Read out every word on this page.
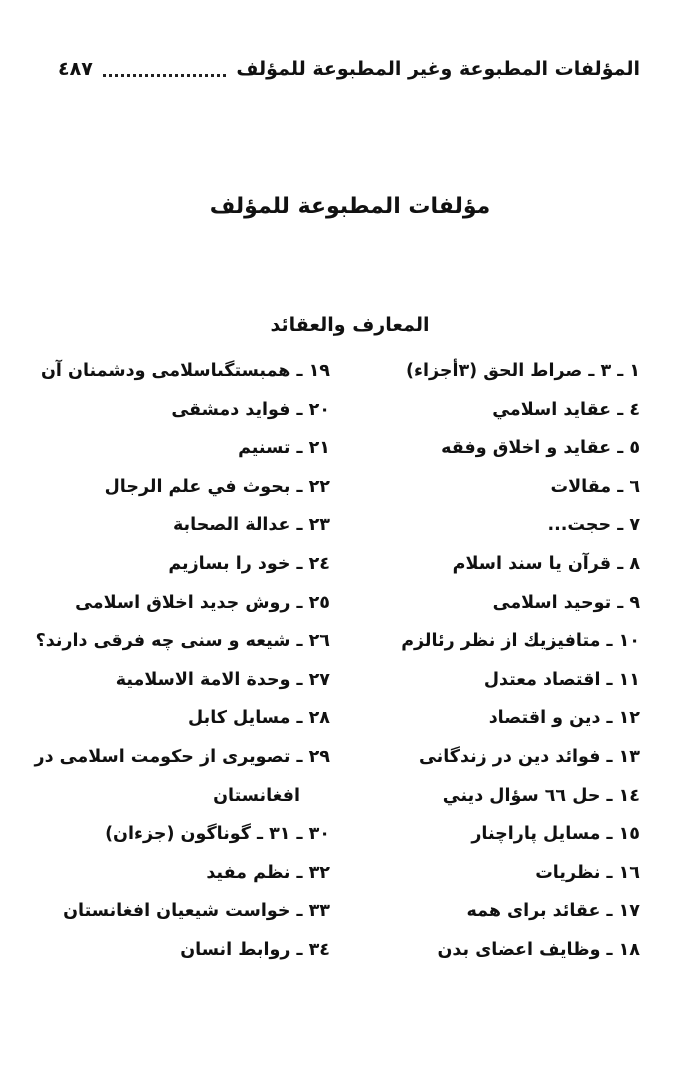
المؤلفات المطبوعة وغير المطبوعة للمؤلف
٤٨٧
مؤلفات المطبوعة للمؤلف
المعارف والعقائد
١ ـ ٣ ـ صراط الحق (٣أجزاء)
٤ ـ عقايد اسلامي
٥ ـ عقايد و اخلاق وفقه
٦ ـ مقالات
٧ ـ حجت...
٨ ـ قرآن يا سند اسلام
٩ ـ توحيد اسلامى
١٠ ـ متافيزيك از نظر رئالزم
١١ ـ اقتصاد معتدل
١٢ ـ دين و اقتصاد
١٣ ـ فوائد دين در زندگانى
١٤ ـ حل ٦٦ سؤال ديني
١٥ ـ مسايل پاراچنار
١٦ ـ نظريات
١٧ ـ عقائد براى همه
١٨ ـ وظايف اعضاى بدن
١٩ ـ همبستگىاسلامى ودشمنان آن
٢٠ ـ فوايد دمشقى
٢١ ـ تسنيم
٢٢ ـ بحوث في علم الرجال
٢٣ ـ عدالة الصحابة
٢٤ ـ خود را بسازيم
٢٥ ـ روش جديد اخلاق اسلامى
٢٦ ـ شيعه و سنى چه فرقى دارند؟
٢٧ ـ وحدة الامة الاسلامية
٢٨ ـ مسايل كابل
٢٩ ـ تصويرى از حكومت اسلامى در
افغانستان
٣٠ ـ ٣١ ـ گوناگون (جزءان)
٣٢ ـ نظم مفيد
٣٣ ـ خواست شيعيان افغانستان
٣٤ ـ روابط انسان
